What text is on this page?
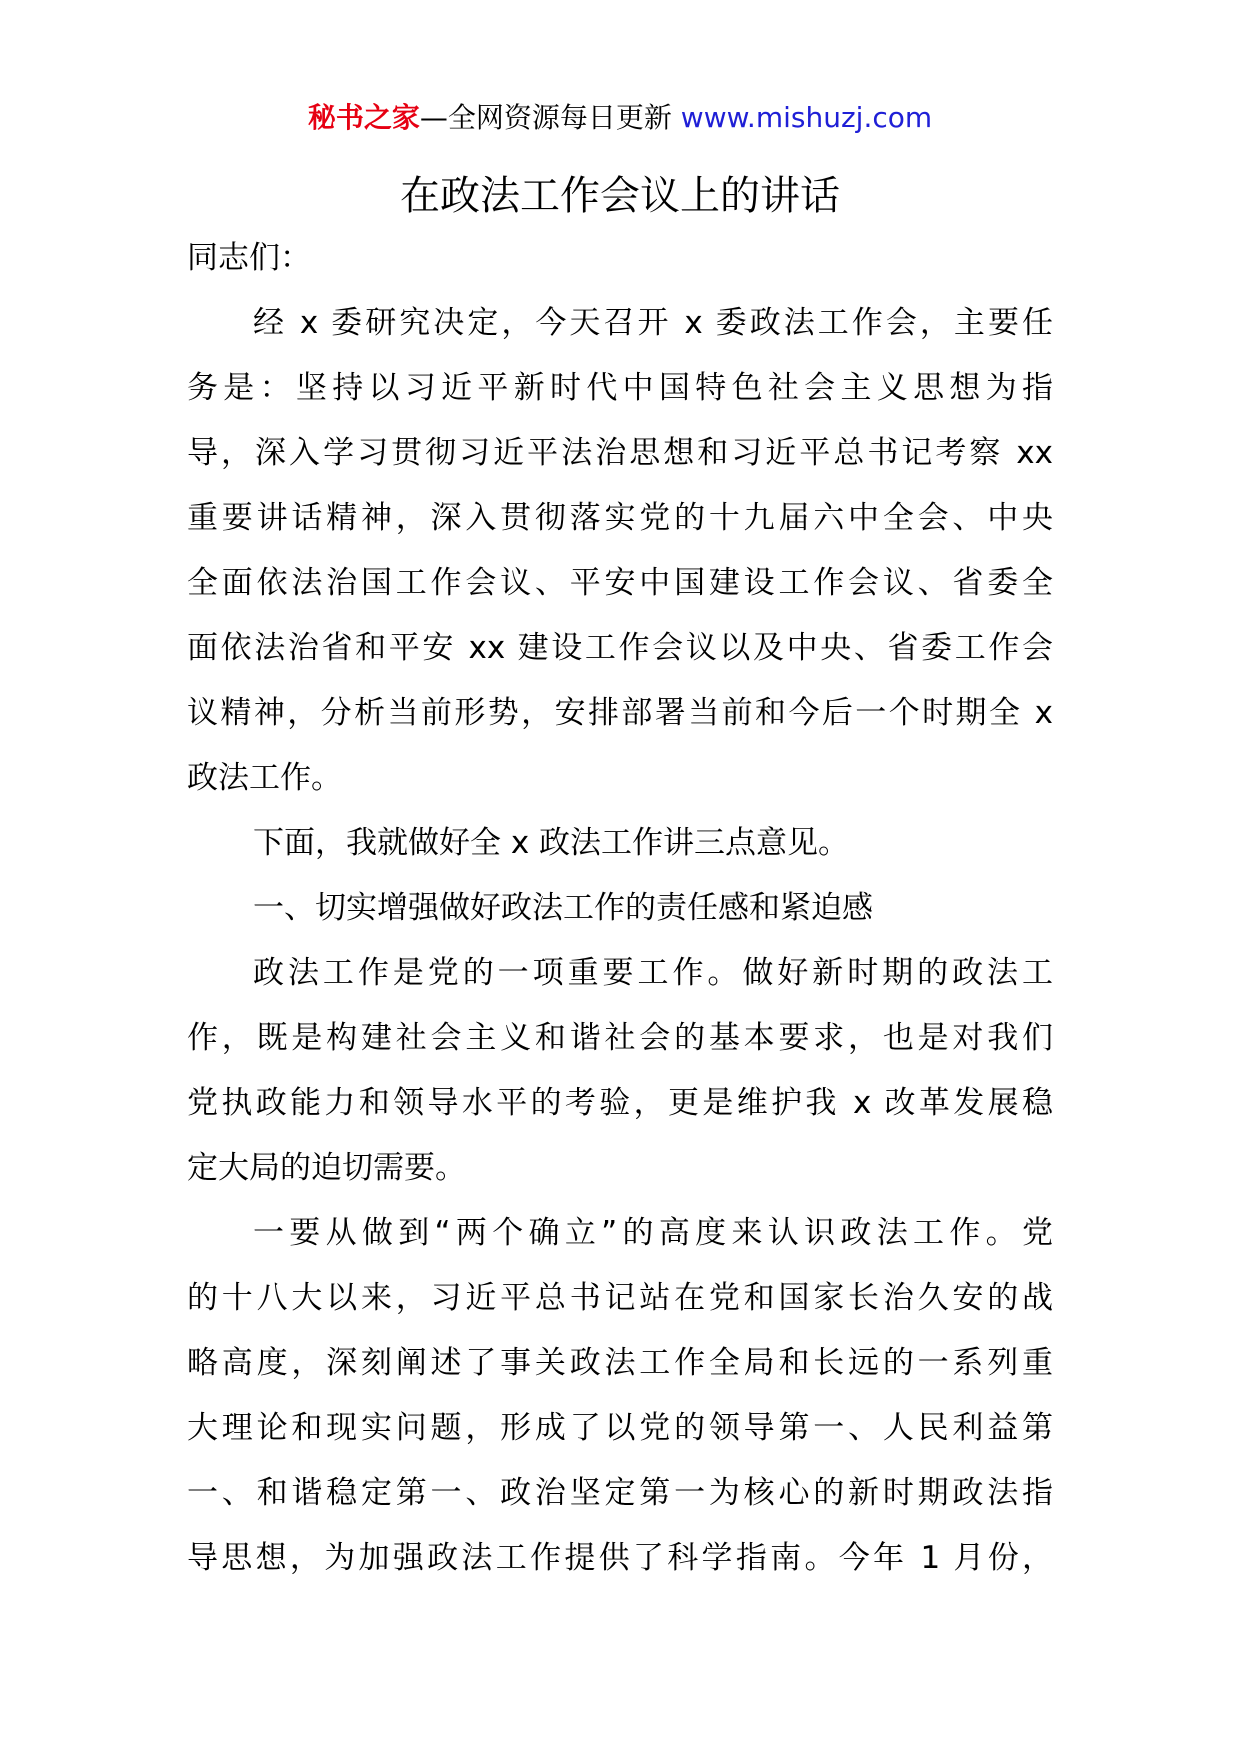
秘书之家—全网资源每日更新 www.mishuzj.com
在政法工作会议上的讲话
同志们：
经 x 委研究决定，今天召开 x 委政法工作会，主要任
务是：坚持以习近平新时代中国特色社会主义思想为指
导，深入学习贯彻习近平法治思想和习近平总书记考察 xx
重要讲话精神，深入贯彻落实党的十九届六中全会、中央
全面依法治国工作会议、平安中国建设工作会议、省委全
面依法治省和平安 xx 建设工作会议以及中央、省委工作会
议精神，分析当前形势，安排部署当前和今后一个时期全 x
政法工作。
下面，我就做好全 x 政法工作讲三点意见。
一、切实增强做好政法工作的责任感和紧迫感
政法工作是党的一项重要工作。做好新时期的政法工
作，既是构建社会主义和谐社会的基本要求，也是对我们
党执政能力和领导水平的考验，更是维护我 x 改革发展稳
定大局的迫切需要。
一要从做到“两个确立”的高度来认识政法工作。党
的十八大以来，习近平总书记站在党和国家长治久安的战
略高度，深刻阐述了事关政法工作全局和长远的一系列重
大理论和现实问题，形成了以党的领导第一、人民利益第
一、和谐稳定第一、政治坚定第一为核心的新时期政法指
导思想，为加强政法工作提供了科学指南。今年 1 月份，
